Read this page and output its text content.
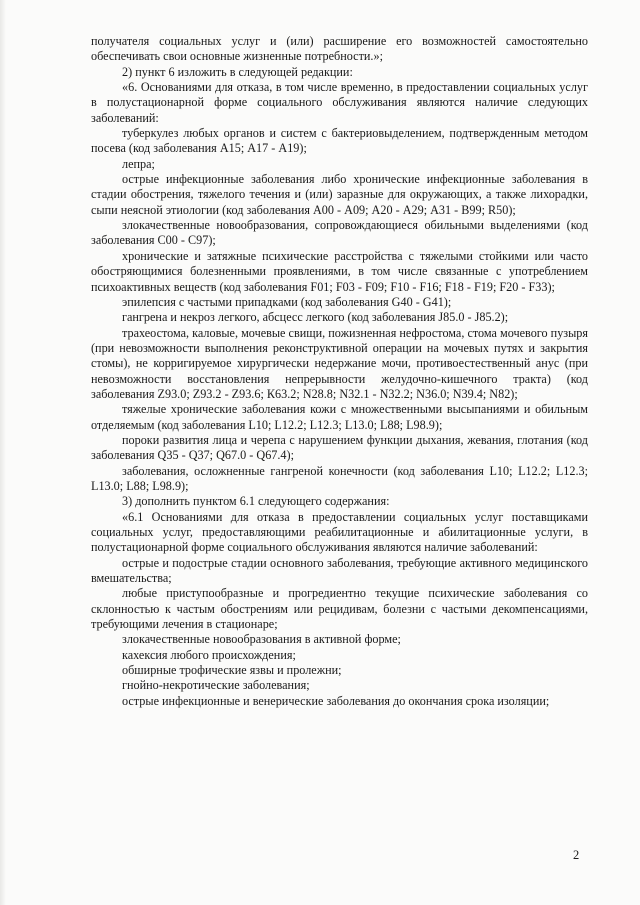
получателя социальных услуг и (или) расширение его возможностей самостоятельно обеспечивать свои основные жизненные потребности.»;

2) пункт 6 изложить в следующей редакции:

«6. Основаниями для отказа, в том числе временно, в предоставлении социальных услуг в полустационарной форме социального обслуживания являются наличие следующих заболеваний:

туберкулез любых органов и систем с бактериовыделением, подтвержденным методом посева (код заболевания А15; А17 - А19);

лепра;

острые инфекционные заболевания либо хронические инфекционные заболевания в стадии обострения, тяжелого течения и (или) заразные для окружающих, а также лихорадки, сыпи неясной этиологии (код заболевания А00 - А09; А20 - А29; А31 - В99; R50);

злокачественные новообразования, сопровождающиеся обильными выделениями (код заболевания С00 - С97);

хронические и затяжные психические расстройства с тяжелыми стойкими или часто обостряющимися болезненными проявлениями, в том числе связанные с употреблением психоактивных веществ (код заболевания F01; F03 - F09; F10 - F16; F18 - F19; F20 - F33);

эпилепсия с частыми припадками (код заболевания G40 - G41);

гангрена и некроз легкого, абсцесс легкого (код заболевания J85.0 - J85.2);

трахеостома, каловые, мочевые свищи, пожизненная нефростома, стома мочевого пузыря (при невозможности выполнения реконструктивной операции на мочевых путях и закрытия стомы), не корригируемое хирургически недержание мочи, противоестественный анус (при невозможности восстановления непрерывности желудочно-кишечного тракта) (код заболевания Z93.0; Z93.2 - Z93.6; К63.2; N28.8; N32.1 - N32.2; N36.0; N39.4; N82);

тяжелые хронические заболевания кожи с множественными высыпаниями и обильным отделяемым (код заболевания L10; L12.2; L12.3; L13.0; L88; L98.9);

пороки развития лица и черепа с нарушением функции дыхания, жевания, глотания (код заболевания Q35 - Q37; Q67.0 - Q67.4);

заболевания, осложненные гангреной конечности (код заболевания L10; L12.2; L12.3; L13.0; L88; L98.9);

3) дополнить пунктом 6.1 следующего содержания:

«6.1 Основаниями для отказа в предоставлении социальных услуг поставщиками социальных услуг, предоставляющими реабилитационные и абилитационные услуги, в полустационарной форме социального обслуживания являются наличие заболеваний:

острые и подострые стадии основного заболевания, требующие активного медицинского вмешательства;

любые приступообразные и прогредиентно текущие психические заболевания со склонностью к частым обострениям или рецидивам, болезни с частыми декомпенсациями, требующими лечения в стационаре;

злокачественные новообразования в активной форме;

кахексия любого происхождения;

обширные трофические язвы и пролежни;

гнойно-некротические заболевания;

острые инфекционные и венерические заболевания до окончания срока изоляции;

2
